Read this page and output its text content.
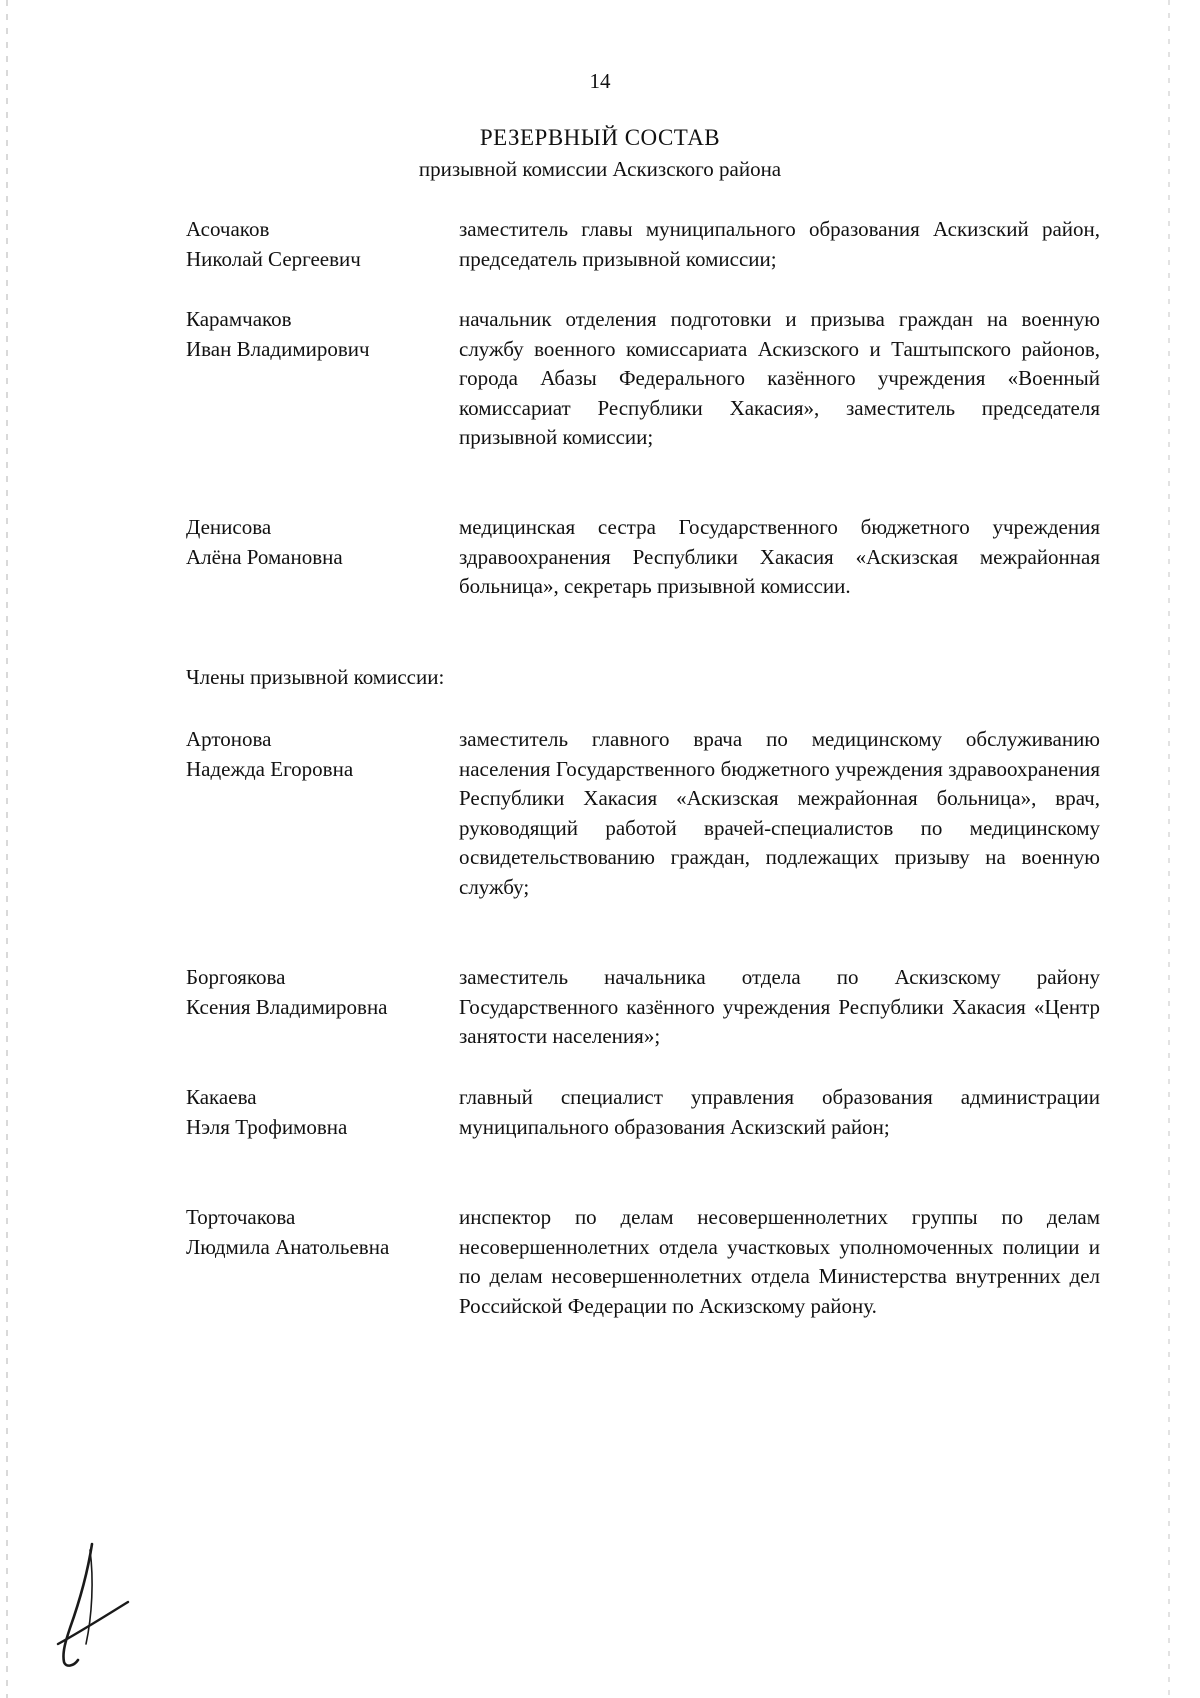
14
РЕЗЕРВНЫЙ СОСТАВ
призывной комиссии Аскизского района
Асочаков
Николай Сергеевич
заместитель главы муниципального образования Аскизский район, председатель призывной комиссии;
Карамчаков
Иван Владимирович
начальник отделения подготовки и призыва граждан на военную службу военного комиссариата Аскизского и Таштыпского районов, города Абазы Федерального казённого учреждения «Военный комиссариат Республики Хакасия», заместитель председателя призывной комиссии;
Денисова
Алёна Романовна
медицинская сестра Государственного бюджетного учреждения здравоохранения Республики Хакасия «Аскизская межрайонная больница», секретарь призывной комиссии.
Члены призывной комиссии:
Артонова
Надежда Егоровна
заместитель главного врача по медицинскому обслуживанию населения Государственного бюджетного учреждения здравоохранения Республики Хакасия «Аскизская межрайонная больница», врач, руководящий работой врачей-специалистов по медицинскому освидетельствованию граждан, подлежащих призыву на военную службу;
Боргоякова
Ксения Владимировна
заместитель начальника отдела по Аскизскому району Государственного казённого учреждения Республики Хакасия «Центр занятости населения»;
Какаева
Нэля Трофимовна
главный специалист управления образования администрации муниципального образования Аскизский район;
Торточакова
Людмила Анатольевна
инспектор по делам несовершеннолетних группы по делам несовершеннолетних отдела участковых уполномоченных полиции и по делам несовершеннолетних отдела Министерства внутренних дел Российской Федерации по Аскизскому району.
